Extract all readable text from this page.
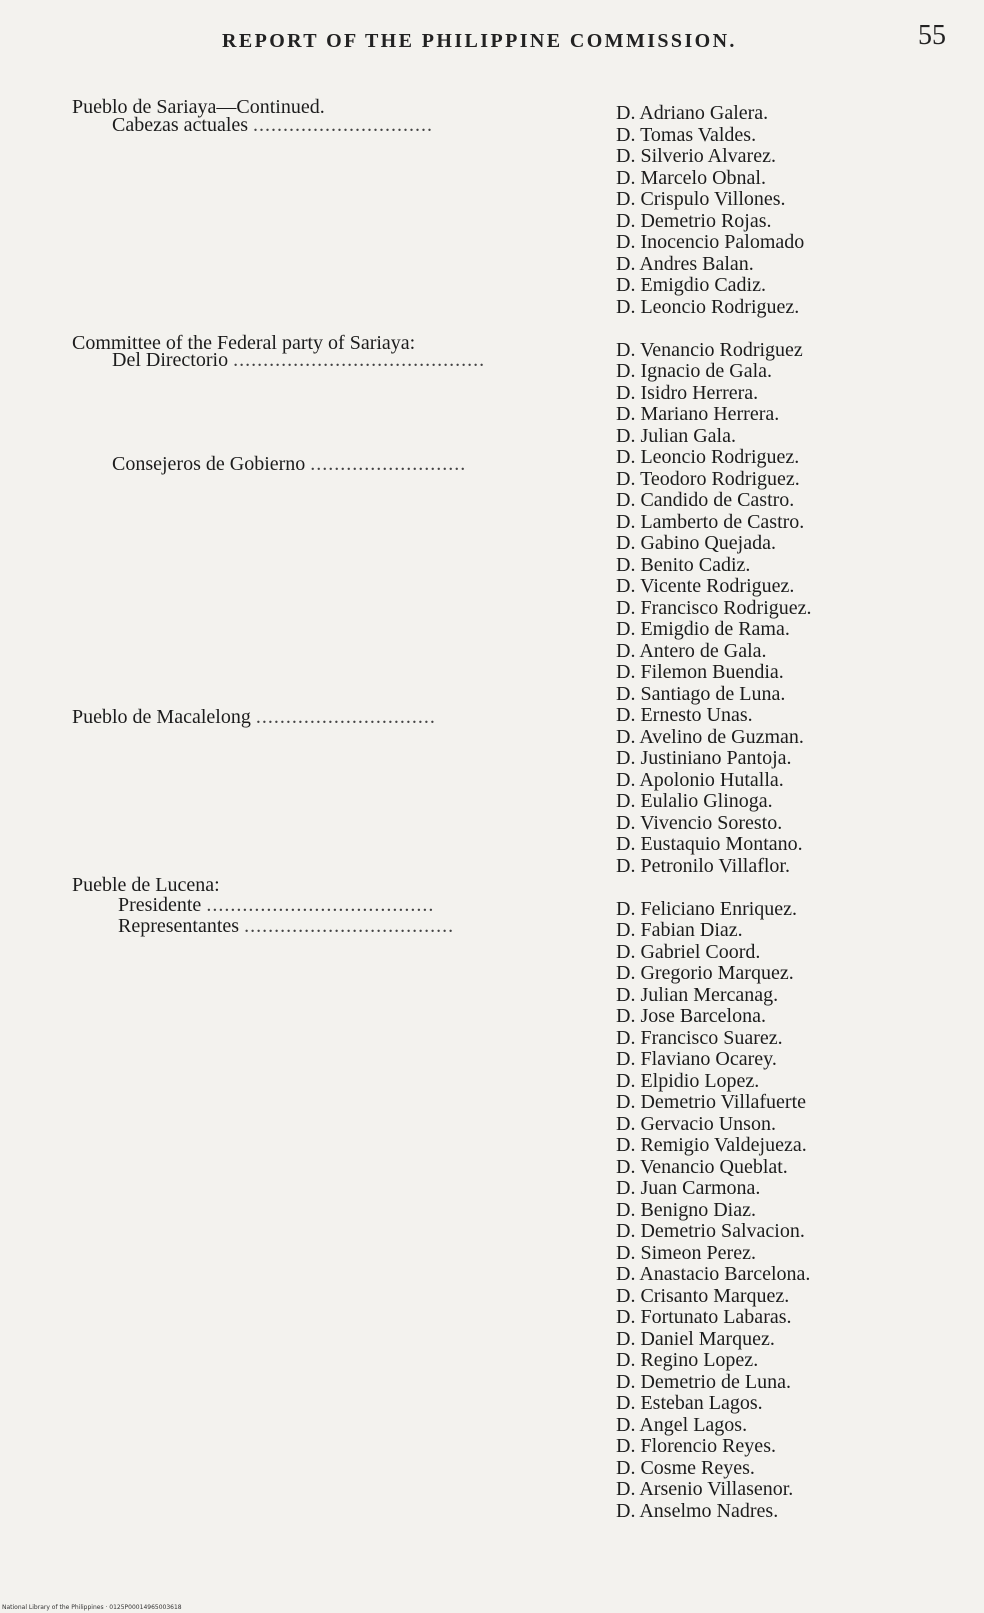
REPORT OF THE PHILIPPINE COMMISSION.	55
Pueblo de Sariaya—Continued.
Cabezas actuales ..............................
Committee of the Federal party of Sariaya:
Del Directorio ..........................................
Consejeros de Gobierno ..........................
Pueblo de Macalelong ..............................
Pueble de Lucena:
Presidente ......................................
Representantes ...................................
D. Adriano Galera.
D. Tomas Valdes.
D. Silverio Alvarez.
D. Marcelo Obnal.
D. Crispulo Villones.
D. Demetrio Rojas.
D. Inocencio Palomado
D. Andres Balan.
D. Emigdio Cadiz.
D. Leoncio Rodriguez.
D. Venancio Rodriguez
D. Ignacio de Gala.
D. Isidro Herrera.
D. Mariano Herrera.
D. Julian Gala.
D. Leoncio Rodriguez.
D. Teodoro Rodriguez.
D. Candido de Castro.
D. Lamberto de Castro.
D. Gabino Quejada.
D. Benito Cadiz.
D. Vicente Rodriguez.
D. Francisco Rodriguez.
D. Emigdio de Rama.
D. Antero de Gala.
D. Filemon Buendia.
D. Santiago de Luna.
D. Ernesto Unas.
D. Avelino de Guzman.
D. Justiniano Pantoja.
D. Apolonio Hutalla.
D. Eulalio Glinoga.
D. Vivencio Soresto.
D. Eustaquio Montano.
D. Petronilo Villaflor.
D. Feliciano Enriquez.
D. Fabian Diaz.
D. Gabriel Coord.
D. Gregorio Marquez.
D. Julian Mercanag.
D. Jose Barcelona.
D. Francisco Suarez.
D. Flaviano Ocarey.
D. Elpidio Lopez.
D. Demetrio Villafuerte
D. Gervacio Unson.
D. Remigio Valdejueza.
D. Venancio Queblat.
D. Juan Carmona.
D. Benigno Diaz.
D. Demetrio Salvacion.
D. Simeon Perez.
D. Anastacio Barcelona.
D. Crisanto Marquez.
D. Fortunato Labaras.
D. Daniel Marquez.
D. Regino Lopez.
D. Demetrio de Luna.
D. Esteban Lagos.
D. Angel Lagos.
D. Florencio Reyes.
D. Cosme Reyes.
D. Arsenio Villasenor.
D. Anselmo Nadres.
National Library of the Philippines · 0125P00014965003618
